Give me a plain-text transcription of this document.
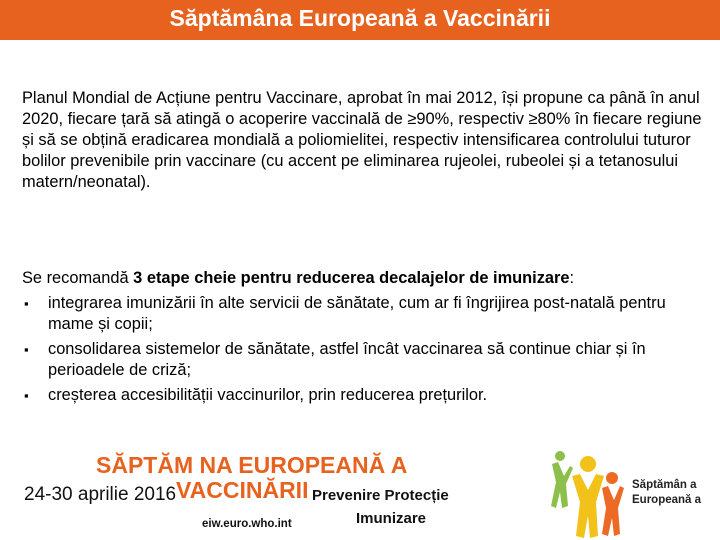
Săptămâna Europeană a Vaccinării
Planul Mondial de Acțiune pentru Vaccinare, aprobat în mai 2012, își propune ca până în anul 2020, fiecare țară să atingă o acoperire vaccinală de ≥90%, respectiv ≥80% în fiecare regiune și să se obțină eradicarea mondială a poliomielitei, respectiv intensificarea controlului tuturor bolilor prevenibile prin vaccinare (cu accent pe eliminarea rujeolei, rubeolei și a tetanosului matern/neonatal).
Se recomandă 3 etape cheie pentru reducerea decalajelor de imunizare:
▪ integrarea imunizării în alte servicii de sănătate, cum ar fi îngrijirea post-natală pentru mame și copii;
▪ consolidarea sistemelor de sănătate, astfel încât vaccinarea să continue chiar și în perioadele de criză;
▪ creșterea accesibilității vaccinurilor, prin reducerea prețurilor.
SĂPTĂM NA EUROPEANĂ A
VACCINĂRII
24-30 aprilie 2016	Prevenire Protecție
Imunizare
eiw.euro.who.int
Săptămân a Europeană a
